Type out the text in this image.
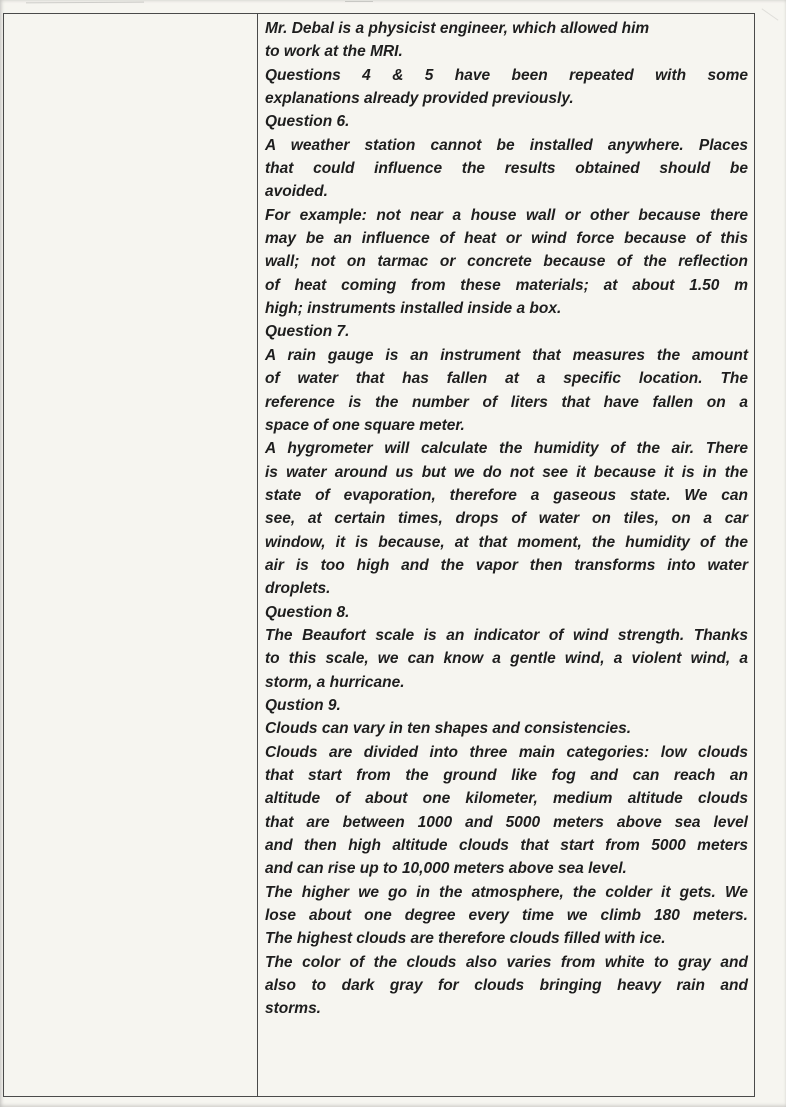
Mr. Debal is a physicist engineer, which allowed him
to work at the MRI.
Questions 4 & 5 have been repeated with some
explanations already provided previously.
Question 6.
A weather station cannot be installed anywhere. Places
that could influence the results obtained should be
avoided.
For example: not near a house wall or other because there
may be an influence of heat or wind force because of this
wall; not on tarmac or concrete because of the reflection
of heat coming from these materials; at about 1.50 m
high; instruments installed inside a box.
Question 7.
A rain gauge is an instrument that measures the amount
of water that has fallen at a specific location. The
reference is the number of liters that have fallen on a
space of one square meter.
A hygrometer will calculate the humidity of the air. There
is water around us but we do not see it because it is in the
state of evaporation, therefore a gaseous state. We can
see, at certain times, drops of water on tiles, on a car
window, it is because, at that moment, the humidity of the
air is too high and the vapor then transforms into water
droplets.
Question 8.
The Beaufort scale is an indicator of wind strength. Thanks
to this scale, we can know a gentle wind, a violent wind, a
storm, a hurricane.
Qustion 9.
Clouds can vary in ten shapes and consistencies.
Clouds are divided into three main categories: low clouds
that start from the ground like fog and can reach an
altitude of about one kilometer, medium altitude clouds
that are between 1000 and 5000 meters above sea level
and then high altitude clouds that start from 5000 meters
and can rise up to 10,000 meters above sea level.
The higher we go in the atmosphere, the colder it gets. We
lose about one degree every time we climb 180 meters.
The highest clouds are therefore clouds filled with ice.
The color of the clouds also varies from white to gray and
also to dark gray for clouds bringing heavy rain and
storms.
